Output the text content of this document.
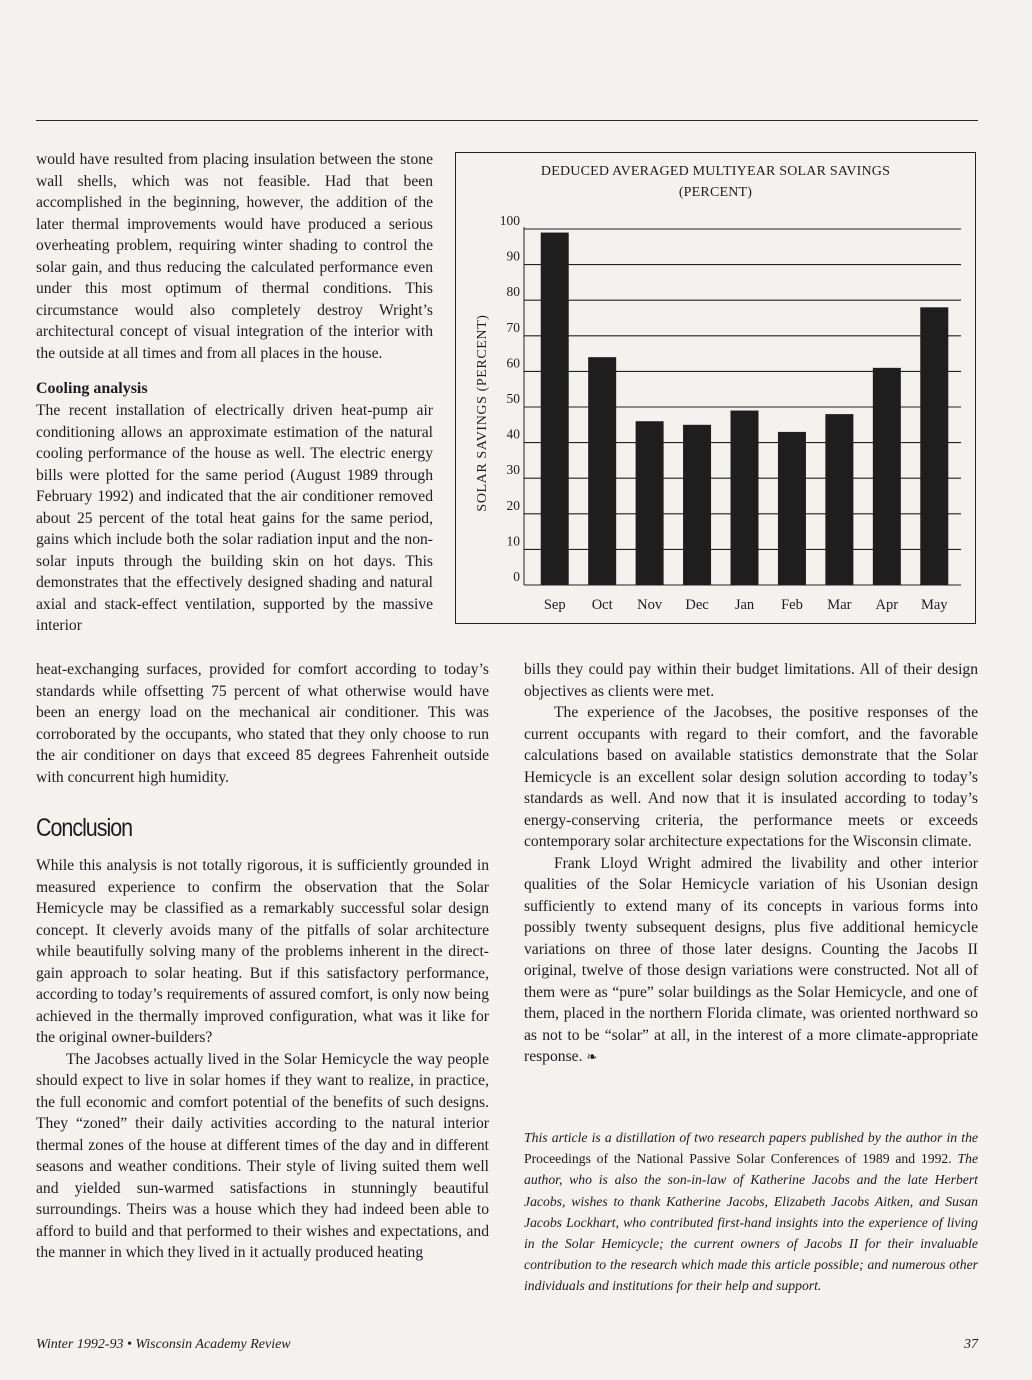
would have resulted from placing insulation between the stone wall shells, which was not feasible. Had that been accomplished in the beginning, however, the addition of the later thermal improvements would have produced a serious overheating problem, requiring winter shading to control the solar gain, and thus reducing the calculated performance even under this most optimum of thermal conditions. This circumstance would also completely destroy Wright’s architectural concept of visual integration of the interior with the outside at all times and from all places in the house.

Cooling analysis

The recent installation of electrically driven heat-pump air conditioning allows an approximate estimation of the natural cooling performance of the house as well. The electric energy bills were plotted for the same period (August 1989 through February 1992) and indicated that the air conditioner removed about 25 percent of the total heat gains for the same period, gains which include both the solar radiation input and the non-solar inputs through the building skin on hot days. This demonstrates that the effectively designed shading and natural axial and stack-effect ventilation, supported by the massive interior

heat-exchanging surfaces, provided for comfort according to today’s standards while offsetting 75 percent of what otherwise would have been an energy load on the mechanical air conditioner. This was corroborated by the occupants, who stated that they only choose to run the air conditioner on days that exceed 85 degrees Fahrenheit outside with concurrent high humidity.

Conclusion

While this analysis is not totally rigorous, it is sufficiently grounded in measured experience to confirm the observation that the Solar Hemicycle may be classified as a remarkably successful solar design concept. It cleverly avoids many of the pitfalls of solar architecture while beautifully solving many of the problems inherent in the direct-gain approach to solar heating. But if this satisfactory performance, according to today’s requirements of assured comfort, is only now being achieved in the thermally improved configuration, what was it like for the original owner-builders?

The Jacobses actually lived in the Solar Hemicycle the way people should expect to live in solar homes if they want to realize, in practice, the full economic and comfort potential of the benefits of such designs. They “zoned” their daily activities according to the natural interior thermal zones of the house at different times of the day and in different seasons and weather conditions. Their style of living suited them well and yielded sun-warmed satisfactions in stunningly beautiful surroundings. Theirs was a house which they had indeed been able to afford to build and that performed to their wishes and expectations, and the manner in which they lived in it actually produced heating

bills they could pay within their budget limitations. All of their design objectives as clients were met.

The experience of the Jacobses, the positive responses of the current occupants with regard to their comfort, and the favorable calculations based on available statistics demonstrate that the Solar Hemicycle is an excellent solar design solution according to today’s standards as well. And now that it is insulated according to today’s energy-conserving criteria, the performance meets or exceeds contemporary solar architecture expectations for the Wisconsin climate.

Frank Lloyd Wright admired the livability and other interior qualities of the Solar Hemicycle variation of his Usonian design sufficiently to extend many of its concepts in various forms into possibly twenty subsequent designs, plus five additional hemicycle variations on three of those later designs. Counting the Jacobs II original, twelve of those design variations were constructed. Not all of them were as “pure” solar buildings as the Solar Hemicycle, and one of them, placed in the northern Florida climate, was oriented northward so as not to be “solar” at all, in the interest of a more climate-appropriate response. ❧

This article is a distillation of two research papers published by the author in the Proceedings of the National Passive Solar Conferences of 1989 and 1992. The author, who is also the son-in-law of Katherine Jacobs and the late Herbert Jacobs, wishes to thank Katherine Jacobs, Elizabeth Jacobs Aitken, and Susan Jacobs Lockhart, who contributed first-hand insights into the experience of living in the Solar Hemicycle; the current owners of Jacobs II for their invaluable contribution to the research which made this article possible; and numerous other individuals and institutions for their help and support.
DEDUCED AVERAGED MULTIYEAR SOLAR SAVINGS
(PERCENT)
0
10
20
30
40
50
60
70
80
90
100
SOLAR SAVINGS (PERCENT)
Sep Oct Nov Dec Jan Feb Mar Apr May
Winter 1992-93 • Wisconsin Academy Review	37
